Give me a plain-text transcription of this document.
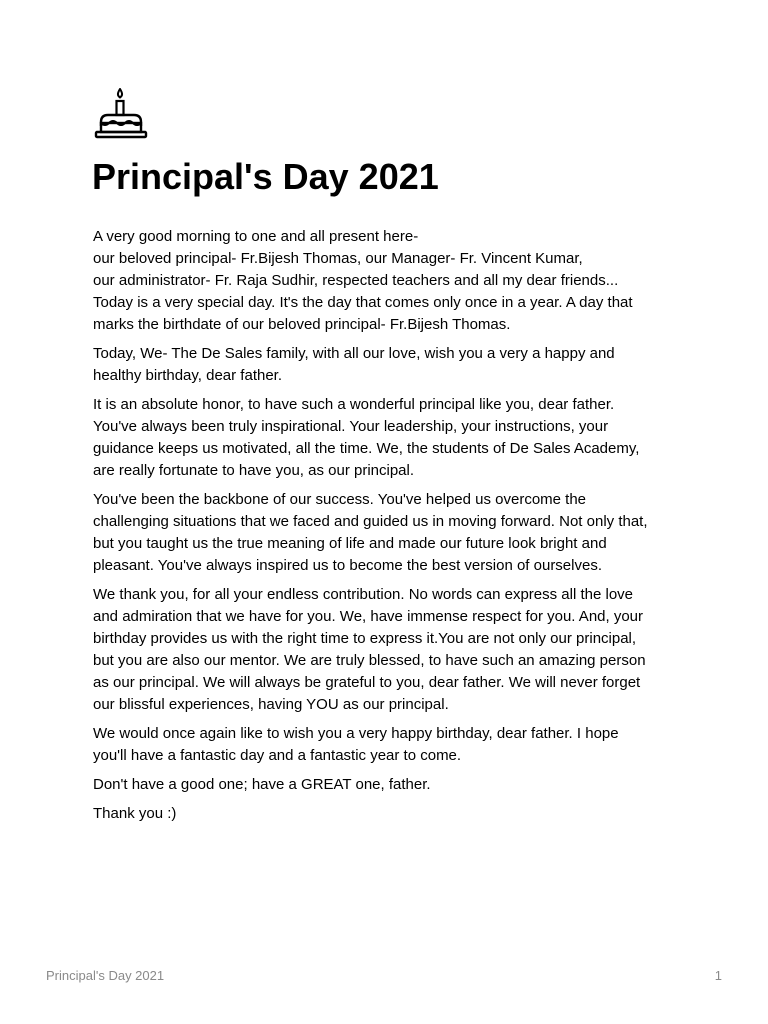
Principal's Day 2021

A very good morning to one and all present here-
our beloved principal- Fr.Bijesh Thomas, our Manager- Fr. Vincent Kumar,
our administrator- Fr. Raja Sudhir, respected teachers and all my dear friends...
Today is a very special day. It's the day that comes only once in a year. A day that
marks the birthdate of our beloved principal- Fr.Bijesh Thomas.

Today, We- The De Sales family, with all our love, wish you a very a happy and
healthy birthday, dear father.

It is an absolute honor, to have such a wonderful principal like you, dear father.
You've always been truly inspirational. Your leadership, your instructions, your
guidance keeps us motivated, all the time. We, the students of De Sales Academy,
are really fortunate to have you, as our principal.

You've been the backbone of our success. You've helped us overcome the
challenging situations that we faced and guided us in moving forward. Not only that,
but you taught us the true meaning of life and made our future look bright and
pleasant. You've always inspired us to become the best version of ourselves.

We thank you, for all your endless contribution. No words can express all the love
and admiration that we have for you. We, have immense respect for you. And, your
birthday provides us with the right time to express it.You are not only our principal,
but you are also our mentor. We are truly blessed, to have such an amazing person
as our principal. We will always be grateful to you, dear father. We will never forget
our blissful experiences, having YOU as our principal.

We would once again like to wish you a very happy birthday, dear father. I hope
you'll have a fantastic day and a fantastic year to come.

Don't have a good one; have a GREAT one, father.

Thank you :)

Principal's Day 2021	1
